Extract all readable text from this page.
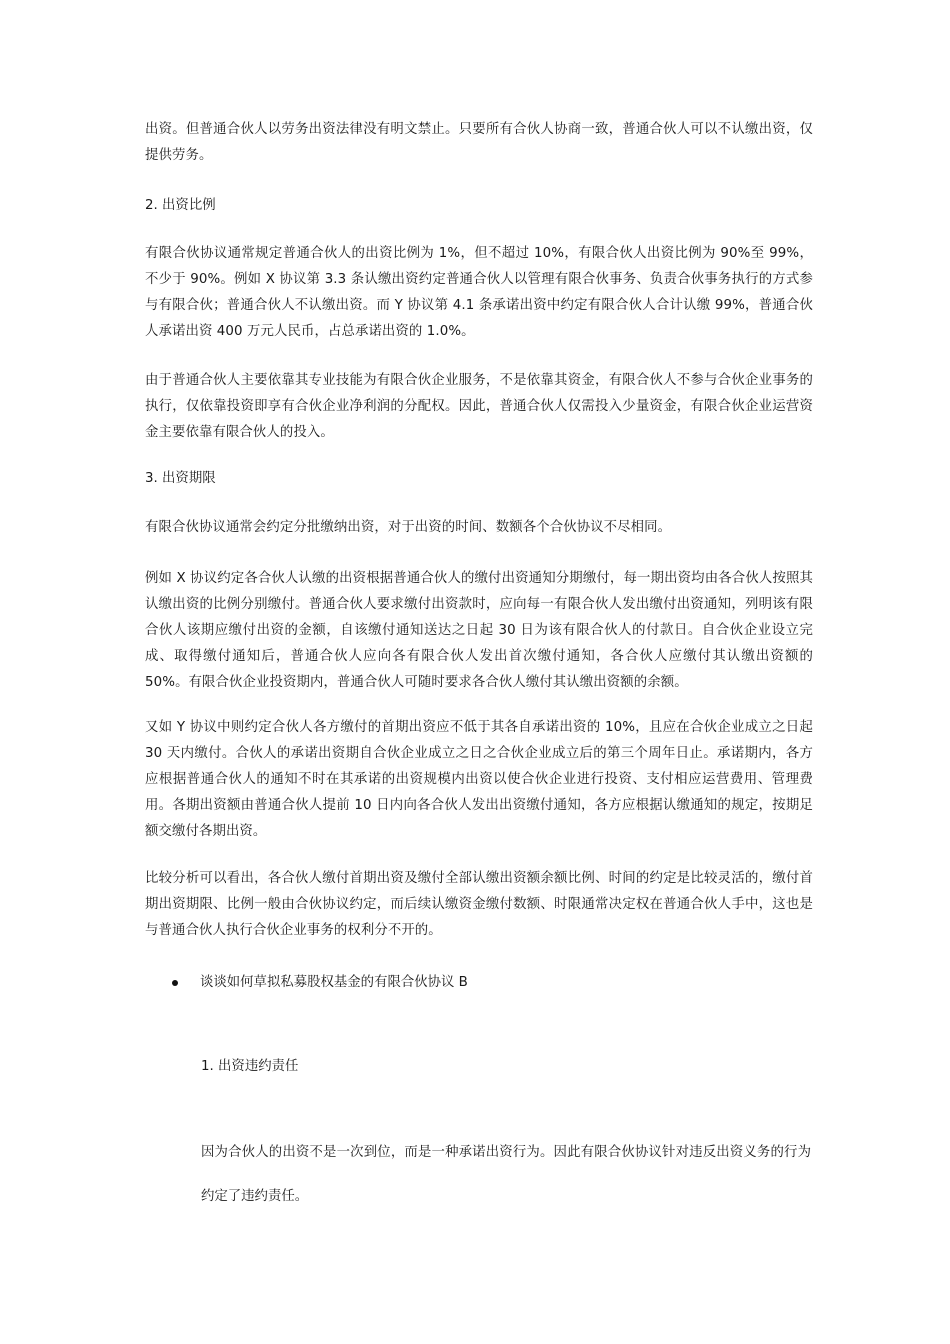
出资。但普通合伙人以劳务出资法律没有明文禁止。只要所有合伙人协商一致，普通合伙人可以不认缴出资，仅提供劳务。

2. 出资比例

有限合伙协议通常规定普通合伙人的出资比例为 1%，但不超过 10%，有限合伙人出资比例为 90%至 99%，不少于 90%。例如 X 协议第 3.3 条认缴出资约定普通合伙人以管理有限合伙事务、负责合伙事务执行的方式参与有限合伙；普通合伙人不认缴出资。而 Y 协议第 4.1 条承诺出资中约定有限合伙人合计认缴 99%，普通合伙人承诺出资 400 万元人民币，占总承诺出资的 1.0%。

由于普通合伙人主要依靠其专业技能为有限合伙企业服务，不是依靠其资金，有限合伙人不参与合伙企业事务的执行，仅依靠投资即享有合伙企业净利润的分配权。因此，普通合伙人仅需投入少量资金，有限合伙企业运营资金主要依靠有限合伙人的投入。

3. 出资期限

有限合伙协议通常会约定分批缴纳出资，对于出资的时间、数额各个合伙协议不尽相同。

例如 X 协议约定各合伙人认缴的出资根据普通合伙人的缴付出资通知分期缴付，每一期出资均由各合伙人按照其认缴出资的比例分别缴付。普通合伙人要求缴付出资款时，应向每一有限合伙人发出缴付出资通知，列明该有限合伙人该期应缴付出资的金额，自该缴付通知送达之日起 30 日为该有限合伙人的付款日。自合伙企业设立完成、取得缴付通知后，普通合伙人应向各有限合伙人发出首次缴付通知，各合伙人应缴付其认缴出资额的 50%。有限合伙企业投资期内，普通合伙人可随时要求各合伙人缴付其认缴出资额的余额。

又如 Y 协议中则约定合伙人各方缴付的首期出资应不低于其各自承诺出资的 10%，且应在合伙企业成立之日起 30 天内缴付。合伙人的承诺出资期自合伙企业成立之日之合伙企业成立后的第三个周年日止。承诺期内，各方应根据普通合伙人的通知不时在其承诺的出资规模内出资以使合伙企业进行投资、支付相应运营费用、管理费用。各期出资额由普通合伙人提前 10 日内向各合伙人发出出资缴付通知，各方应根据认缴通知的规定，按期足额交缴付各期出资。

比较分析可以看出，各合伙人缴付首期出资及缴付全部认缴出资额余额比例、时间的约定是比较灵活的，缴付首期出资期限、比例一般由合伙协议约定，而后续认缴资金缴付数额、时限通常决定权在普通合伙人手中，这也是与普通合伙人执行合伙企业事务的权利分不开的。

谈谈如何草拟私募股权基金的有限合伙协议 B

1. 出资违约责任

因为合伙人的出资不是一次到位，而是一种承诺出资行为。因此有限合伙协议针对违反出资义务的行为约定了违约责任。
